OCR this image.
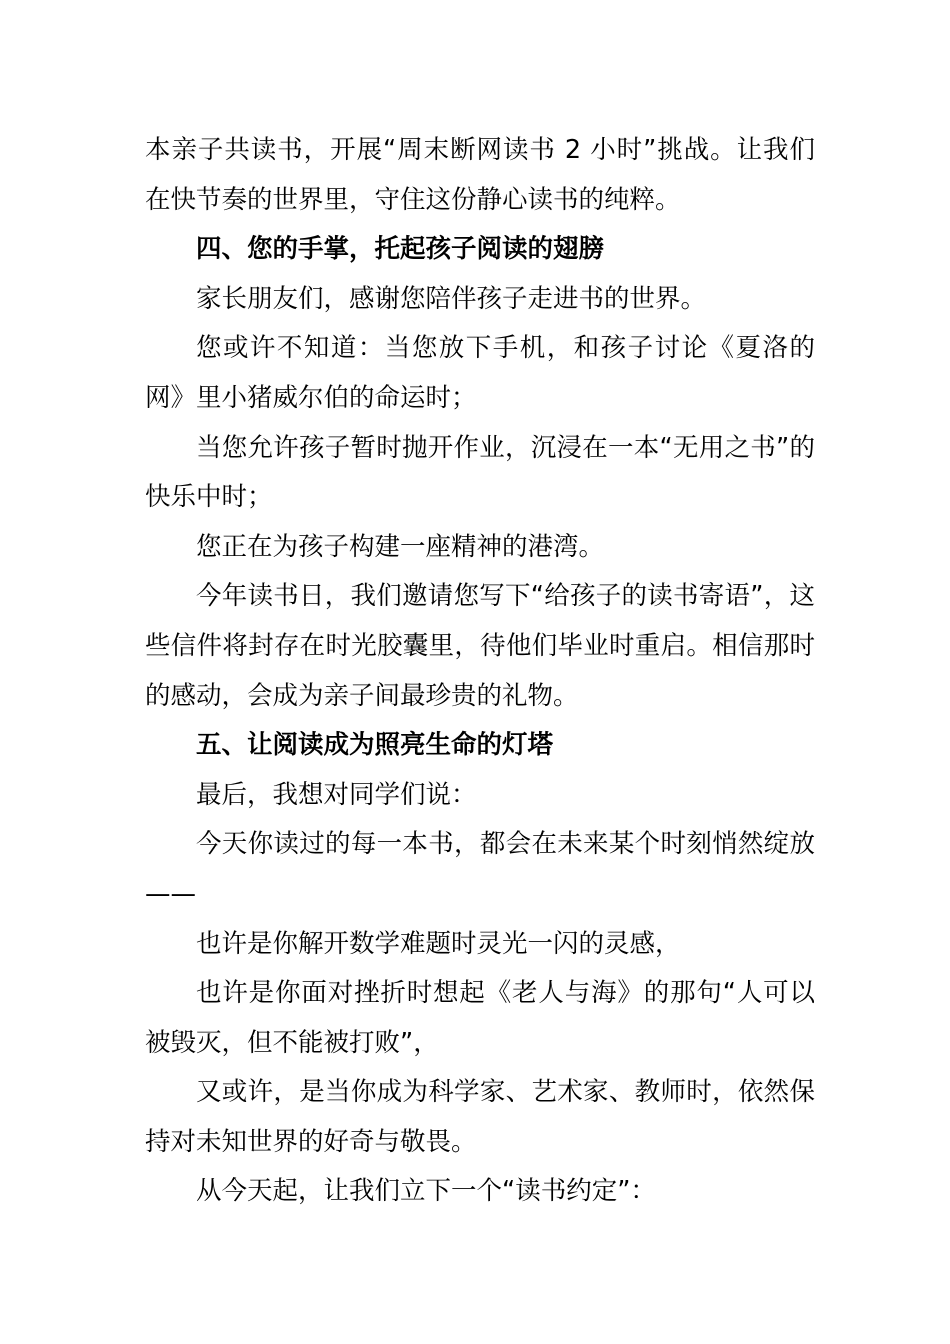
本亲子共读书，开展“周末断网读书 2 小时”挑战。让我们在快节奏的世界里，守住这份静心读书的纯粹。

四、您的手掌，托起孩子阅读的翅膀

家长朋友们，感谢您陪伴孩子走进书的世界。

您或许不知道：当您放下手机，和孩子讨论《夏洛的网》里小猪威尔伯的命运时；

当您允许孩子暂时抛开作业，沉浸在一本“无用之书”的快乐中时；

您正在为孩子构建一座精神的港湾。

今年读书日，我们邀请您写下“给孩子的读书寄语”，这些信件将封存在时光胶囊里，待他们毕业时重启。相信那时的感动，会成为亲子间最珍贵的礼物。

五、让阅读成为照亮生命的灯塔

最后，我想对同学们说：

今天你读过的每一本书，都会在未来某个时刻悄然绽放——

也许是你解开数学难题时灵光一闪的灵感，

也许是你面对挫折时想起《老人与海》的那句“人可以被毁灭，但不能被打败”，

又或许，是当你成为科学家、艺术家、教师时，依然保持对未知世界的好奇与敬畏。

从今天起，让我们立下一个“读书约定”：
